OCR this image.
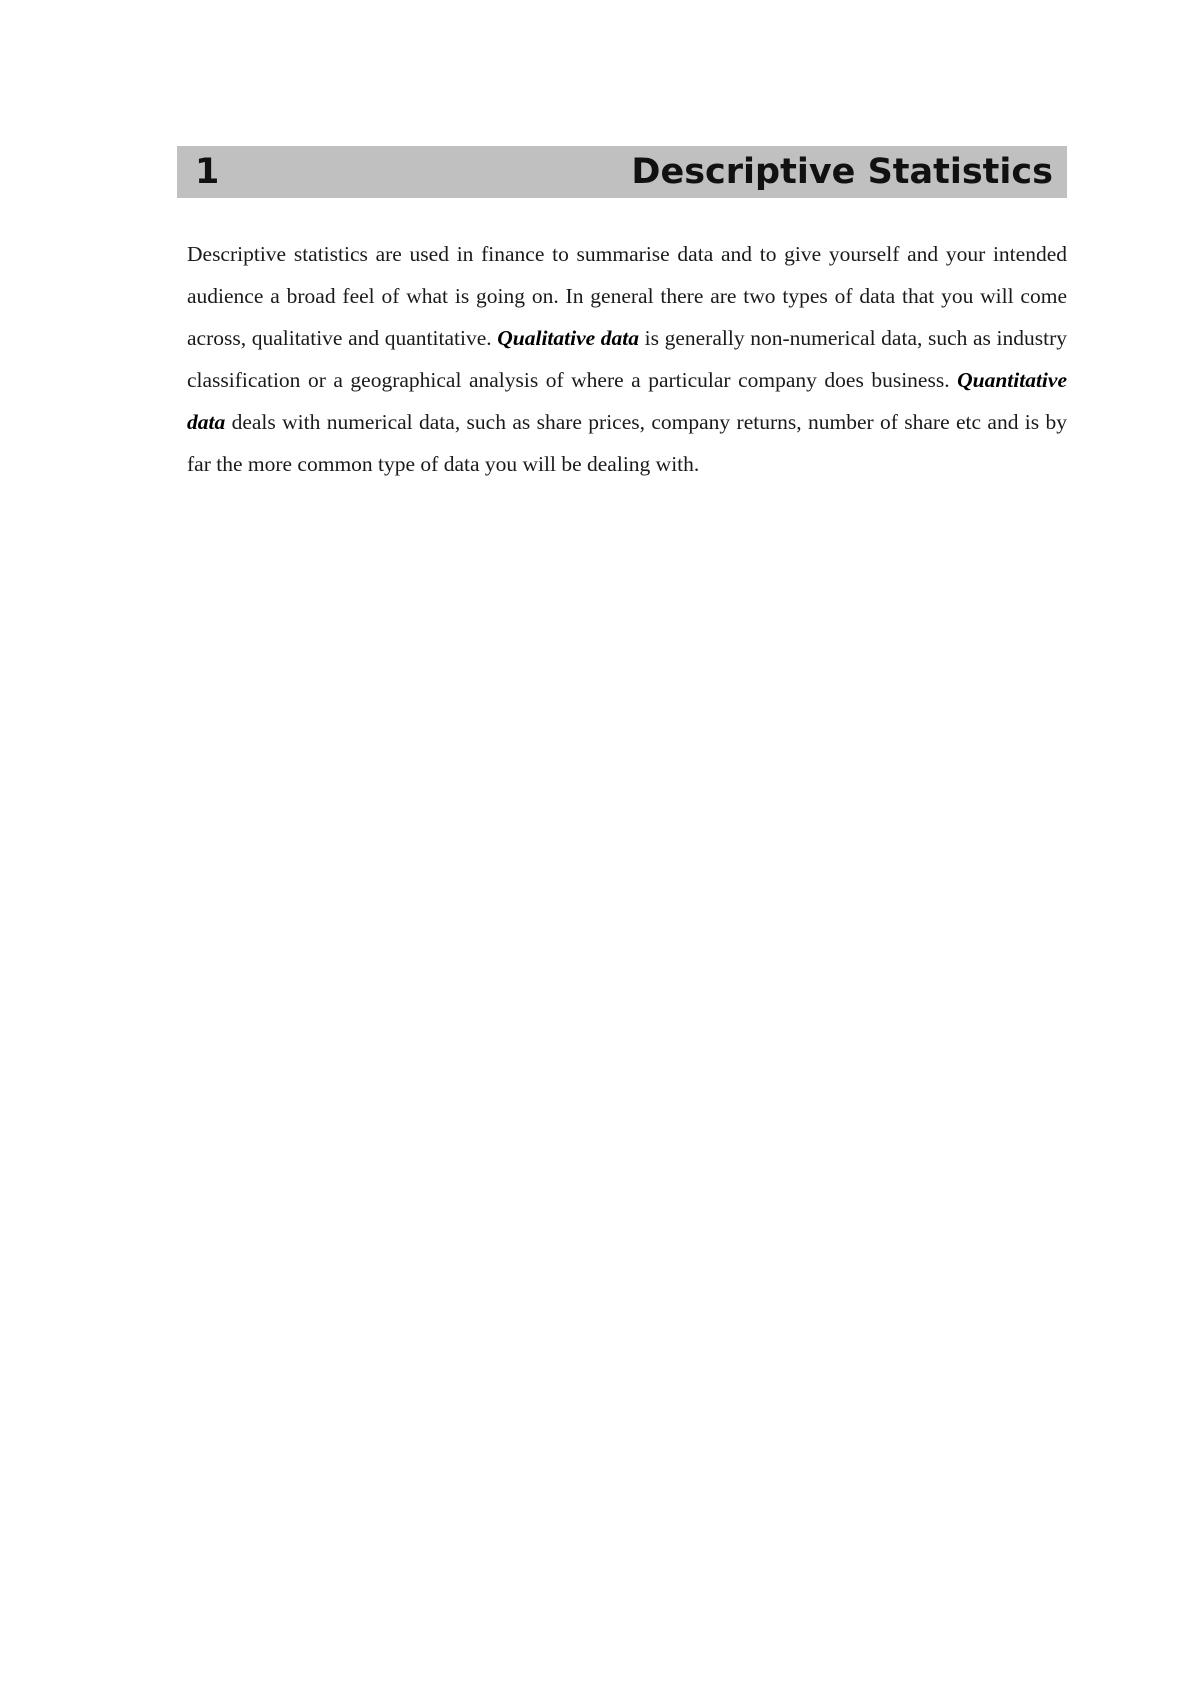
1	Descriptive Statistics

Descriptive statistics are used in finance to summarise data and to give yourself and your intended audience a broad feel of what is going on. In general there are two types of data that you will come across, qualitative and quantitative. Qualitative data is generally non-numerical data, such as industry classification or a geographical analysis of where a particular company does business. Quantitative data deals with numerical data, such as share prices, company returns, number of share etc and is by far the more common type of data you will be dealing with.
